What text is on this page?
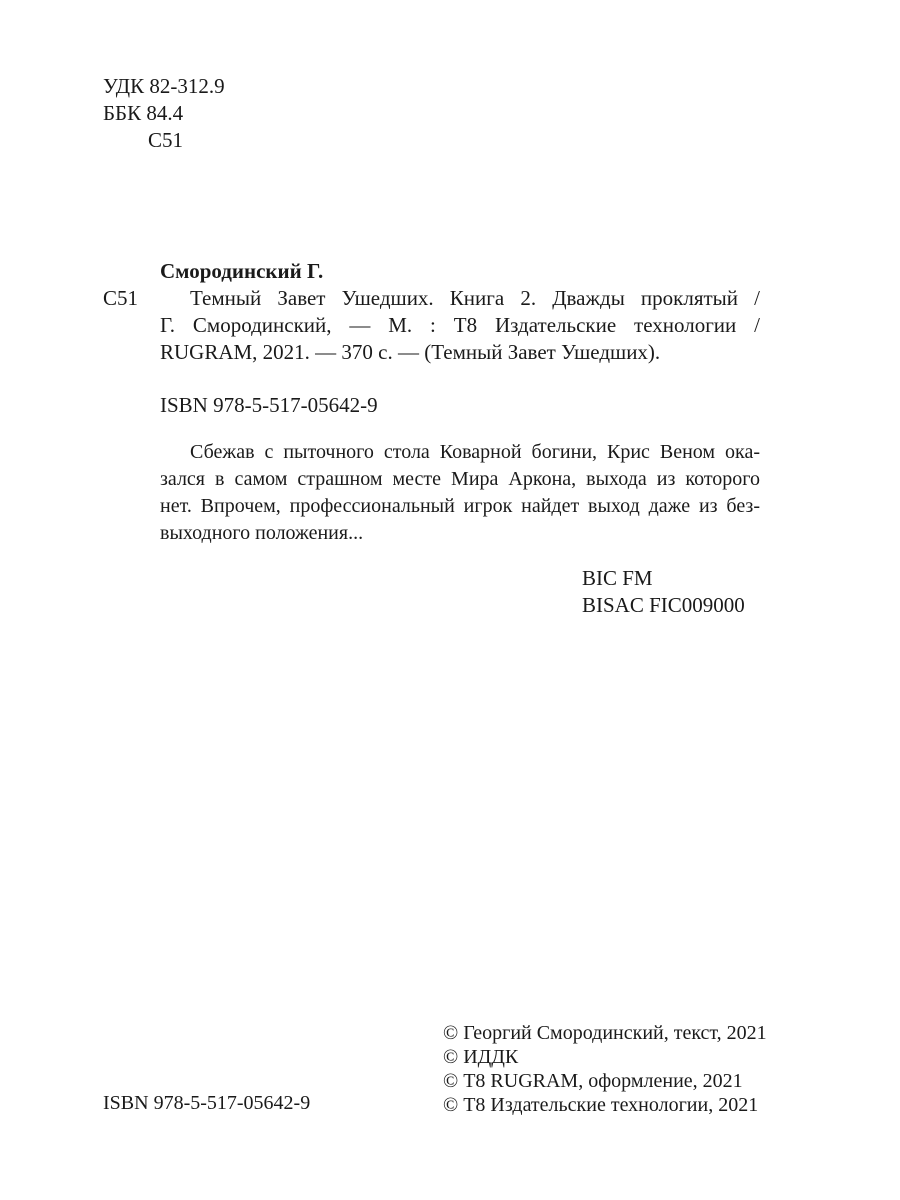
УДК 82-312.9
ББК 84.4
С51
Смородинский Г.
С51 Темный Завет Ушедших. Книга 2. Дважды проклятый /
Г. Смородинский, — М. : Т8 Издательские технологии /
RUGRAM, 2021. — 370 с. — (Темный Завет Ушедших).
ISBN 978-5-517-05642-9
Сбежав с пыточного стола Коварной богини, Крис Веном ока-
зался в самом страшном месте Мира Аркона, выхода из которого
нет. Впрочем, профессиональный игрок найдет выход даже из без-
выходного положения...
BIC FM
BISAC FIC009000
ISBN 978-5-517-05642-9
© Георгий Смородинский, текст, 2021
© ИДДК
© Т8 RUGRAM, оформление, 2021
© Т8 Издательские технологии, 2021
